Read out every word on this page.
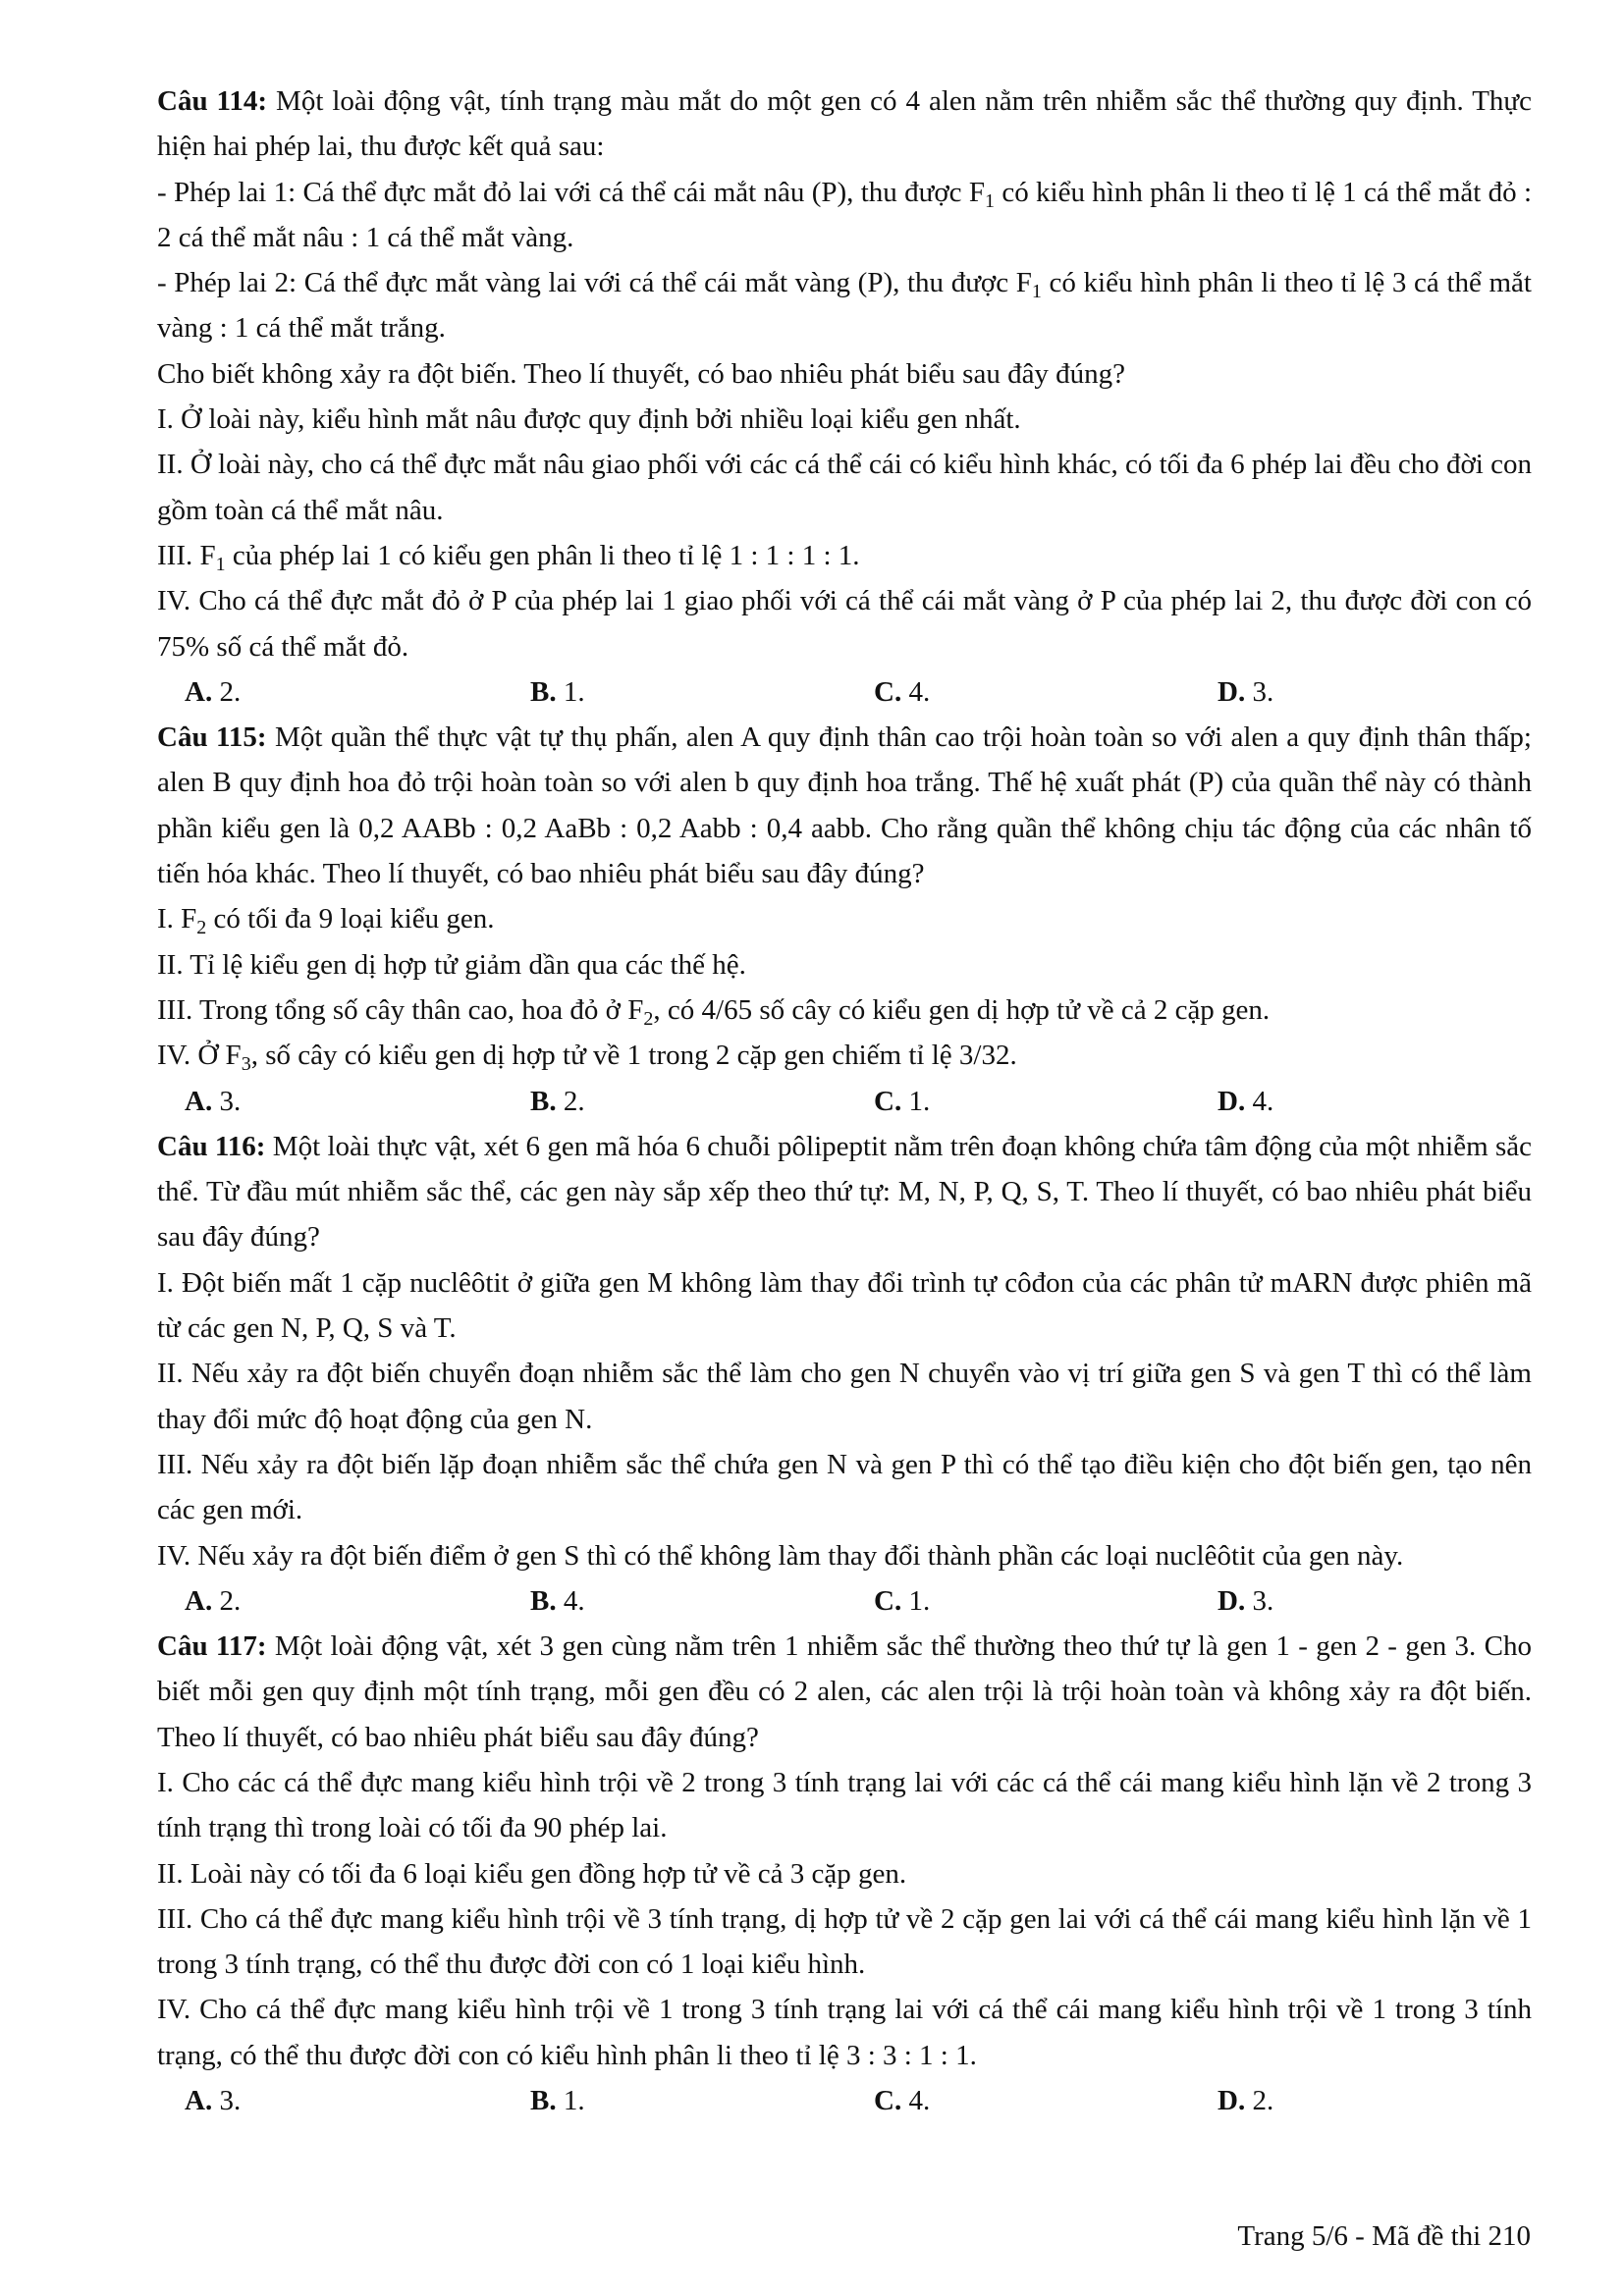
Câu 114: Một loài động vật, tính trạng màu mắt do một gen có 4 alen nằm trên nhiễm sắc thể thường quy định. Thực hiện hai phép lai, thu được kết quả sau:

- Phép lai 1: Cá thể đực mắt đỏ lai với cá thể cái mắt nâu (P), thu được $F_1$ có kiểu hình phân li theo tỉ lệ 1 cá thể mắt đỏ : 2 cá thể mắt nâu : 1 cá thể mắt vàng.

- Phép lai 2: Cá thể đực mắt vàng lai với cá thể cái mắt vàng (P), thu được $F_1$ có kiểu hình phân li theo tỉ lệ 3 cá thể mắt vàng : 1 cá thể mắt trắng.

Cho biết không xảy ra đột biến. Theo lí thuyết, có bao nhiêu phát biểu sau đây đúng?

I. Ở loài này, kiểu hình mắt nâu được quy định bởi nhiều loại kiểu gen nhất.

II. Ở loài này, cho cá thể đực mắt nâu giao phối với các cá thể cái có kiểu hình khác, có tối đa 6 phép lai đều cho đời con gồm toàn cá thể mắt nâu.

III. $F_1$ của phép lai 1 có kiểu gen phân li theo tỉ lệ 1 : 1 : 1 : 1.

IV. Cho cá thể đực mắt đỏ ở P của phép lai 1 giao phối với cá thể cái mắt vàng ở P của phép lai 2, thu được đời con có 75% số cá thể mắt đỏ.

A. 2.	B. 1.	C. 4.	D. 3.

Câu 115: Một quần thể thực vật tự thụ phấn, alen A quy định thân cao trội hoàn toàn so với alen a quy định thân thấp; alen B quy định hoa đỏ trội hoàn toàn so với alen b quy định hoa trắng. Thế hệ xuất phát (P) của quần thể này có thành phần kiểu gen là 0,2 AABb : 0,2 AaBb : 0,2 Aabb : 0,4 aabb. Cho rằng quần thể không chịu tác động của các nhân tố tiến hóa khác. Theo lí thuyết, có bao nhiêu phát biểu sau đây đúng?

I. $F_2$ có tối đa 9 loại kiểu gen.

II. Tỉ lệ kiểu gen dị hợp tử giảm dần qua các thế hệ.

III. Trong tổng số cây thân cao, hoa đỏ ở $F_2$, có 4/65 số cây có kiểu gen dị hợp tử về cả 2 cặp gen.

IV. Ở $F_3$, số cây có kiểu gen dị hợp tử về 1 trong 2 cặp gen chiếm tỉ lệ 3/32.

A. 3.	B. 2.	C. 1.	D. 4.

Câu 116: Một loài thực vật, xét 6 gen mã hóa 6 chuỗi pôlipeptit nằm trên đoạn không chứa tâm động của một nhiễm sắc thể. Từ đầu mút nhiễm sắc thể, các gen này sắp xếp theo thứ tự: M, N, P, Q, S, T. Theo lí thuyết, có bao nhiêu phát biểu sau đây đúng?

I. Đột biến mất 1 cặp nuclêôtit ở giữa gen M không làm thay đổi trình tự côđon của các phân tử mARN được phiên mã từ các gen N, P, Q, S và T.

II. Nếu xảy ra đột biến chuyển đoạn nhiễm sắc thể làm cho gen N chuyển vào vị trí giữa gen S và gen T thì có thể làm thay đổi mức độ hoạt động của gen N.

III. Nếu xảy ra đột biến lặp đoạn nhiễm sắc thể chứa gen N và gen P thì có thể tạo điều kiện cho đột biến gen, tạo nên các gen mới.

IV. Nếu xảy ra đột biến điểm ở gen S thì có thể không làm thay đổi thành phần các loại nuclêôtit của gen này.

A. 2.	B. 4.	C. 1.	D. 3.

Câu 117: Một loài động vật, xét 3 gen cùng nằm trên 1 nhiễm sắc thể thường theo thứ tự là gen 1 - gen 2 - gen 3. Cho biết mỗi gen quy định một tính trạng, mỗi gen đều có 2 alen, các alen trội là trội hoàn toàn và không xảy ra đột biến. Theo lí thuyết, có bao nhiêu phát biểu sau đây đúng?

I. Cho các cá thể đực mang kiểu hình trội về 2 trong 3 tính trạng lai với các cá thể cái mang kiểu hình lặn về 2 trong 3 tính trạng thì trong loài có tối đa 90 phép lai.

II. Loài này có tối đa 6 loại kiểu gen đồng hợp tử về cả 3 cặp gen.

III. Cho cá thể đực mang kiểu hình trội về 3 tính trạng, dị hợp tử về 2 cặp gen lai với cá thể cái mang kiểu hình lặn về 1 trong 3 tính trạng, có thể thu được đời con có 1 loại kiểu hình.

IV. Cho cá thể đực mang kiểu hình trội về 1 trong 3 tính trạng lai với cá thể cái mang kiểu hình trội về 1 trong 3 tính trạng, có thể thu được đời con có kiểu hình phân li theo tỉ lệ 3 : 3 : 1 : 1.

A. 3.	B. 1.	C. 4.	D. 2.
Trang 5/6 - Mã đề thi 210
